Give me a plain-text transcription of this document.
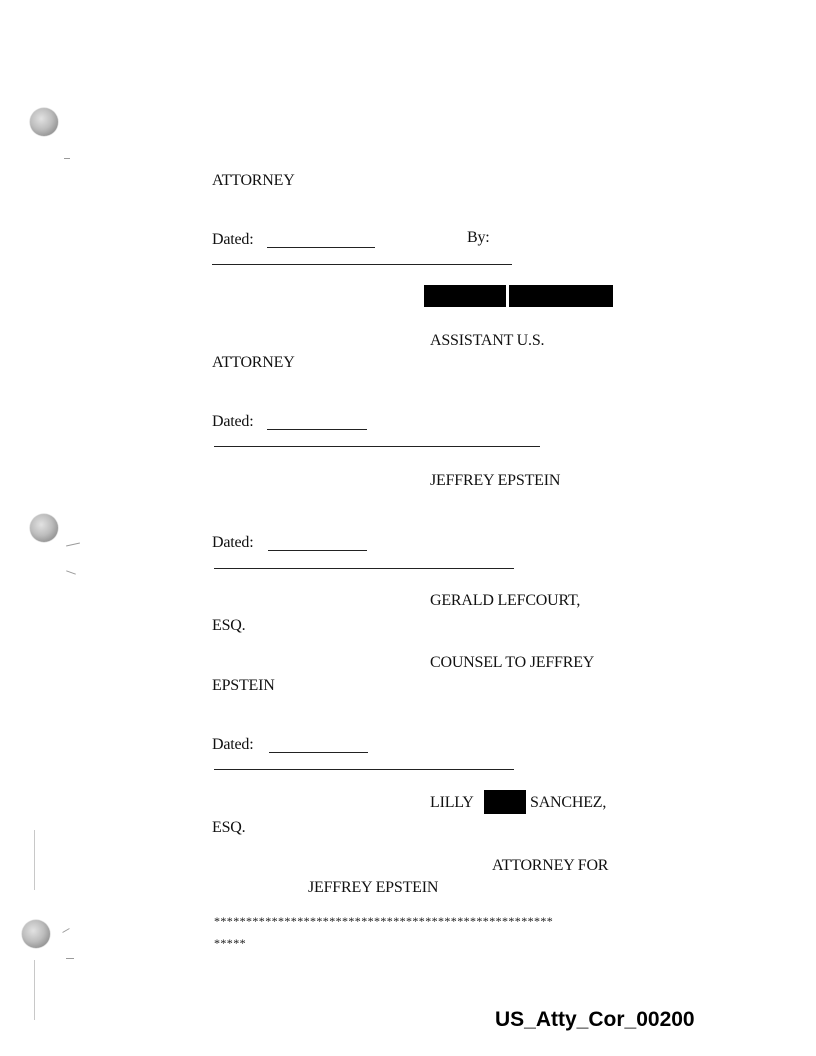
ATTORNEY
Dated:	By:
ASSISTANT U.S.
ATTORNEY
Dated:
JEFFREY EPSTEIN
Dated:
GERALD LEFCOURT,
ESQ.
COUNSEL TO JEFFREY
EPSTEIN
Dated:
LILLY	SANCHEZ,
ESQ.
ATTORNEY FOR
JEFFREY EPSTEIN
*****************************************************
*****
US_Atty_Cor_00200
